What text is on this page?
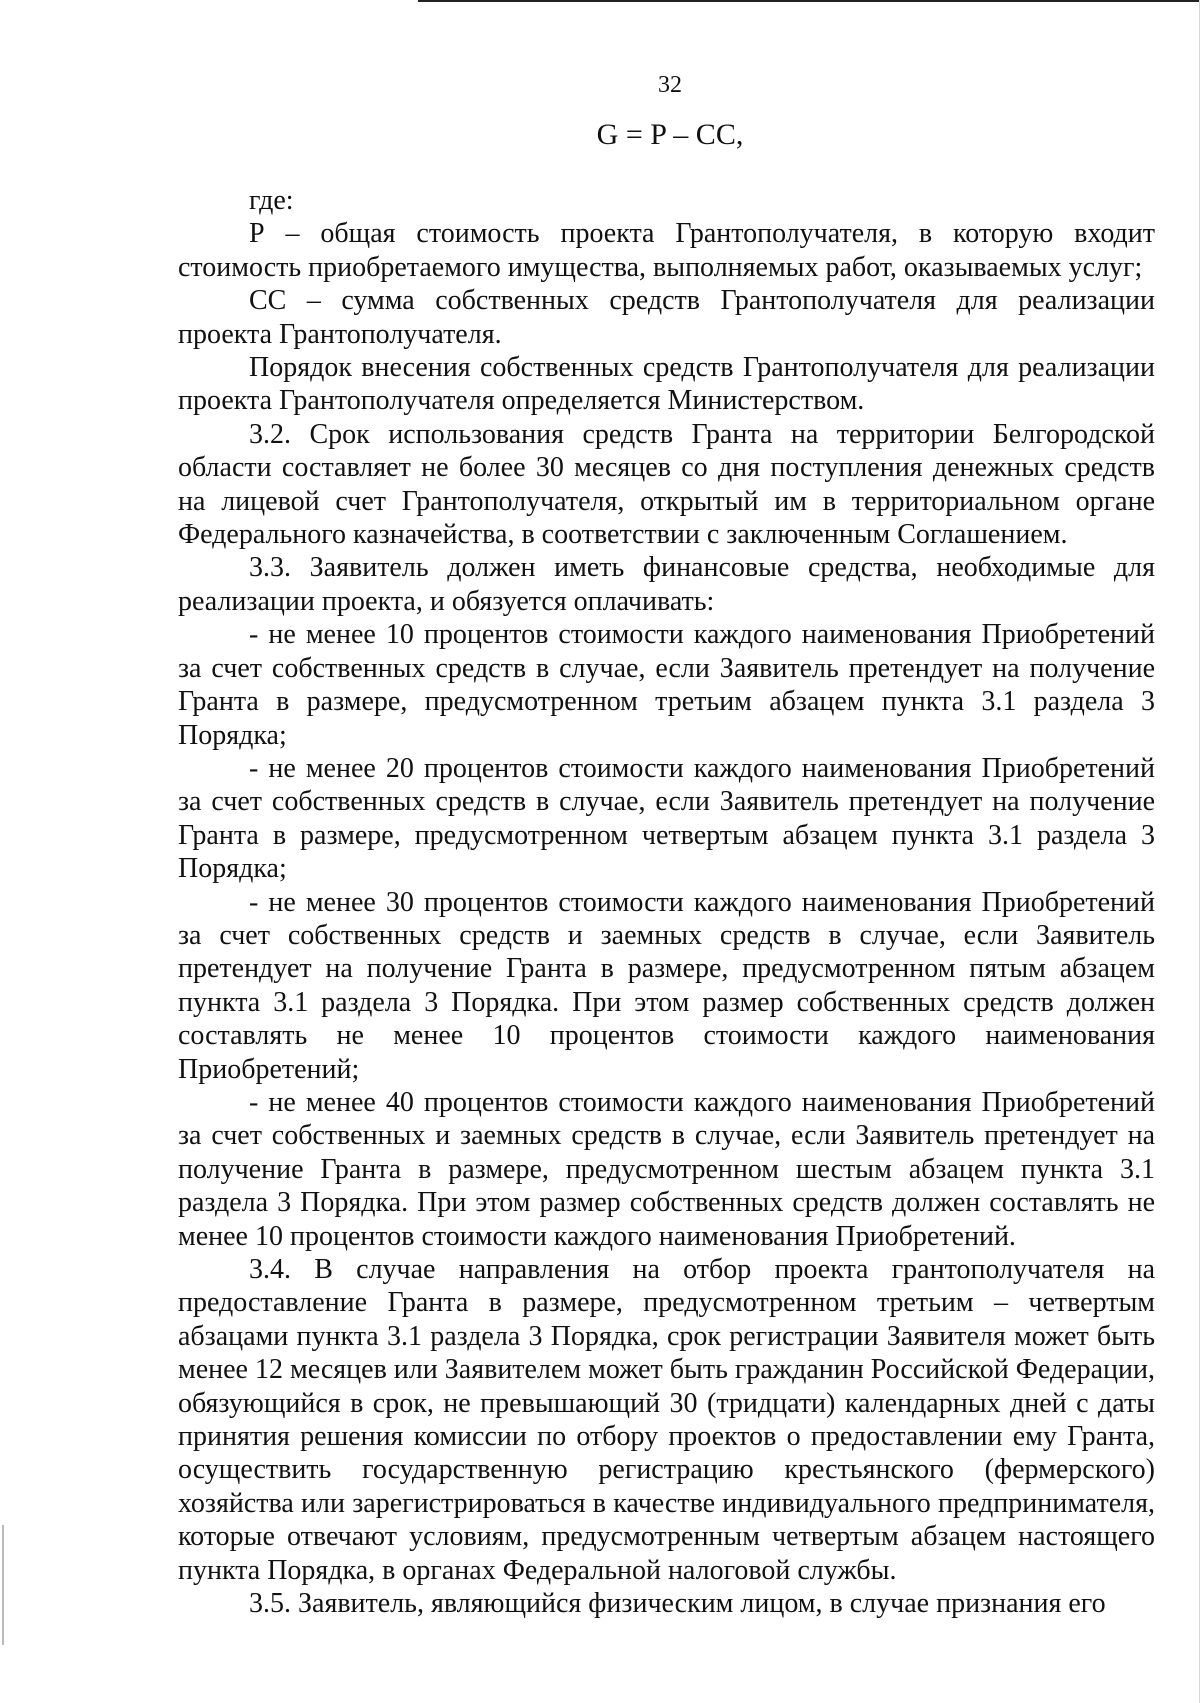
32
G = P – CC,

где:

Р – общая стоимость проекта Грантополучателя, в которую входит стоимость приобретаемого имущества, выполняемых работ, оказываемых услуг;

СС – сумма собственных средств Грантополучателя для реализации проекта Грантополучателя.

Порядок внесения собственных средств Грантополучателя для реализации проекта Грантополучателя определяется Министерством.

3.2. Срок использования средств Гранта на территории Белгородской области составляет не более 30 месяцев со дня поступления денежных средств на лицевой счет Грантополучателя, открытый им в территориальном органе Федерального казначейства, в соответствии с заключенным Соглашением.

3.3. Заявитель должен иметь финансовые средства, необходимые для реализации проекта, и обязуется оплачивать:

- не менее 10 процентов стоимости каждого наименования Приобретений за счет собственных средств в случае, если Заявитель претендует на получение Гранта в размере, предусмотренном третьим абзацем пункта 3.1 раздела 3 Порядка;

- не менее 20 процентов стоимости каждого наименования Приобретений за счет собственных средств в случае, если Заявитель претендует на получение Гранта в размере, предусмотренном четвертым абзацем пункта 3.1 раздела 3 Порядка;

- не менее 30 процентов стоимости каждого наименования Приобретений за счет собственных средств и заемных средств в случае, если Заявитель претендует на получение Гранта в размере, предусмотренном пятым абзацем пункта 3.1 раздела 3 Порядка. При этом размер собственных средств должен составлять не менее 10 процентов стоимости каждого наименования Приобретений;

- не менее 40 процентов стоимости каждого наименования Приобретений за счет собственных и заемных средств в случае, если Заявитель претендует на получение Гранта в размере, предусмотренном шестым абзацем пункта 3.1 раздела 3 Порядка. При этом размер собственных средств должен составлять не менее 10 процентов стоимости каждого наименования Приобретений.

3.4. В случае направления на отбор проекта грантополучателя на предоставление Гранта в размере, предусмотренном третьим – четвертым абзацами пункта 3.1 раздела 3 Порядка, срок регистрации Заявителя может быть менее 12 месяцев или Заявителем может быть гражданин Российской Федерации, обязующийся в срок, не превышающий 30 (тридцати) календарных дней с даты принятия решения комиссии по отбору проектов о предоставлении ему Гранта, осуществить государственную регистрацию крестьянского (фермерского) хозяйства или зарегистрироваться в качестве индивидуального предпринимателя, которые отвечают условиям, предусмотренным четвертым абзацем настоящего пункта Порядка, в органах Федеральной налоговой службы.

3.5. Заявитель, являющийся физическим лицом, в случае признания его
